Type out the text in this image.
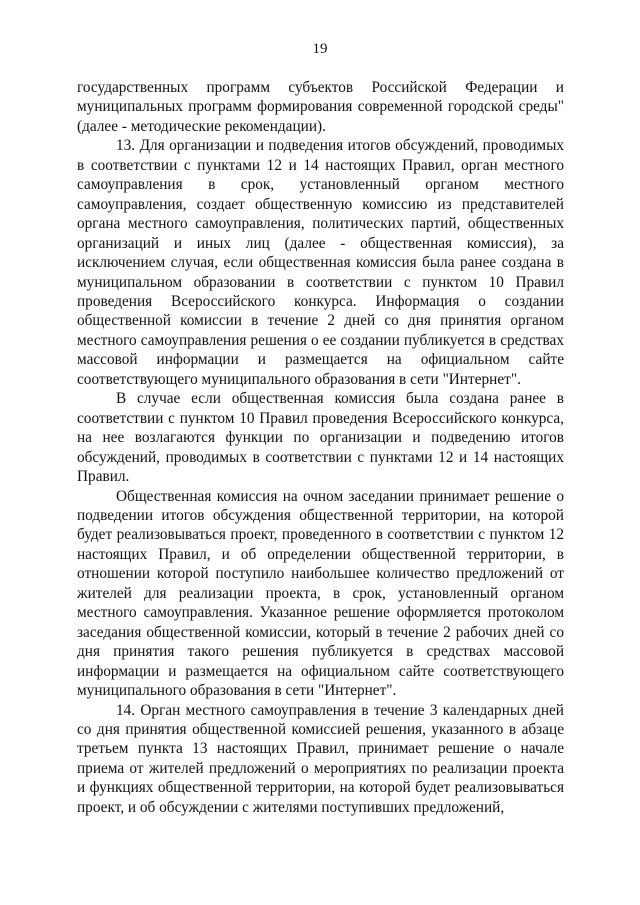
19

государственных программ субъектов Российской Федерации и муниципальных программ формирования современной городской среды" (далее - методические рекомендации).

13. Для организации и подведения итогов обсуждений, проводимых в соответствии с пунктами 12 и 14 настоящих Правил, орган местного самоуправления в срок, установленный органом местного самоуправления, создает общественную комиссию из представителей органа местного самоуправления, политических партий, общественных организаций и иных лиц (далее - общественная комиссия), за исключением случая, если общественная комиссия была ранее создана в муниципальном образовании в соответствии с пунктом 10 Правил проведения Всероссийского конкурса. Информация о создании общественной комиссии в течение 2 дней со дня принятия органом местного самоуправления решения о ее создании публикуется в средствах массовой информации и размещается на официальном сайте соответствующего муниципального образования в сети "Интернет".

В случае если общественная комиссия была создана ранее в соответствии с пунктом 10 Правил проведения Всероссийского конкурса, на нее возлагаются функции по организации и подведению итогов обсуждений, проводимых в соответствии с пунктами 12 и 14 настоящих Правил.

Общественная комиссия на очном заседании принимает решение о подведении итогов обсуждения общественной территории, на которой будет реализовываться проект, проведенного в соответствии с пунктом 12 настоящих Правил, и об определении общественной территории, в отношении которой поступило наибольшее количество предложений от жителей для реализации проекта, в срок, установленный органом местного самоуправления. Указанное решение оформляется протоколом заседания общественной комиссии, который в течение 2 рабочих дней со дня принятия такого решения публикуется в средствах массовой информации и размещается на официальном сайте соответствующего муниципального образования в сети "Интернет".

14. Орган местного самоуправления в течение 3 календарных дней со дня принятия общественной комиссией решения, указанного в абзаце третьем пункта 13 настоящих Правил, принимает решение о начале приема от жителей предложений о мероприятиях по реализации проекта и функциях общественной территории, на которой будет реализовываться проект, и об обсуждении с жителями поступивших предложений,
